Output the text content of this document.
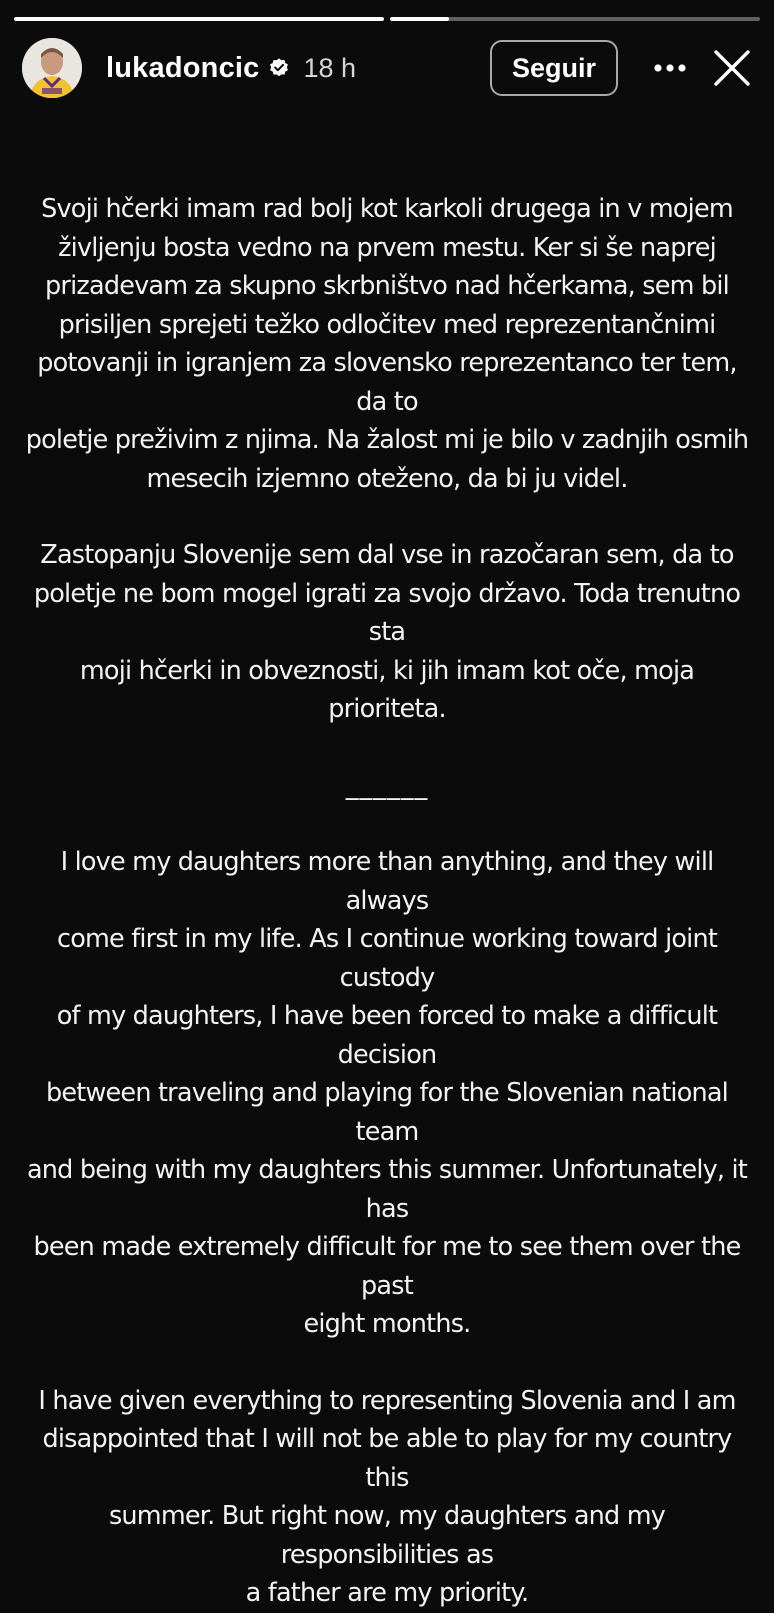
lukadoncic 18 h	Seguir

Svoji hčerki imam rad bolj kot karkoli drugega in v mojem
življenju bosta vedno na prvem mestu. Ker si še naprej
prizadevam za skupno skrbništvo nad hčerkama, sem bil
prisiljen sprejeti težko odločitev med reprezentančnimi
potovanji in igranjem za slovensko reprezentanco ter tem, da to
poletje preživim z njima. Na žalost mi je bilo v zadnjih osmih
mesecih izjemno oteženo, da bi ju videl.

Zastopanju Slovenije sem dal vse in razočaran sem, da to
poletje ne bom mogel igrati za svojo državo. Toda trenutno sta
moji hčerki in obveznosti, ki jih imam kot oče, moja prioriteta.

______

I love my daughters more than anything, and they will always
come first in my life. As I continue working toward joint custody
of my daughters, I have been forced to make a difficult decision
between traveling and playing for the Slovenian national team
and being with my daughters this summer. Unfortunately, it has
been made extremely difficult for me to see them over the past
eight months.

I have given everything to representing Slovenia and I am
disappointed that I will not be able to play for my country this
summer. But right now, my daughters and my responsibilities as
a father are my priority.
